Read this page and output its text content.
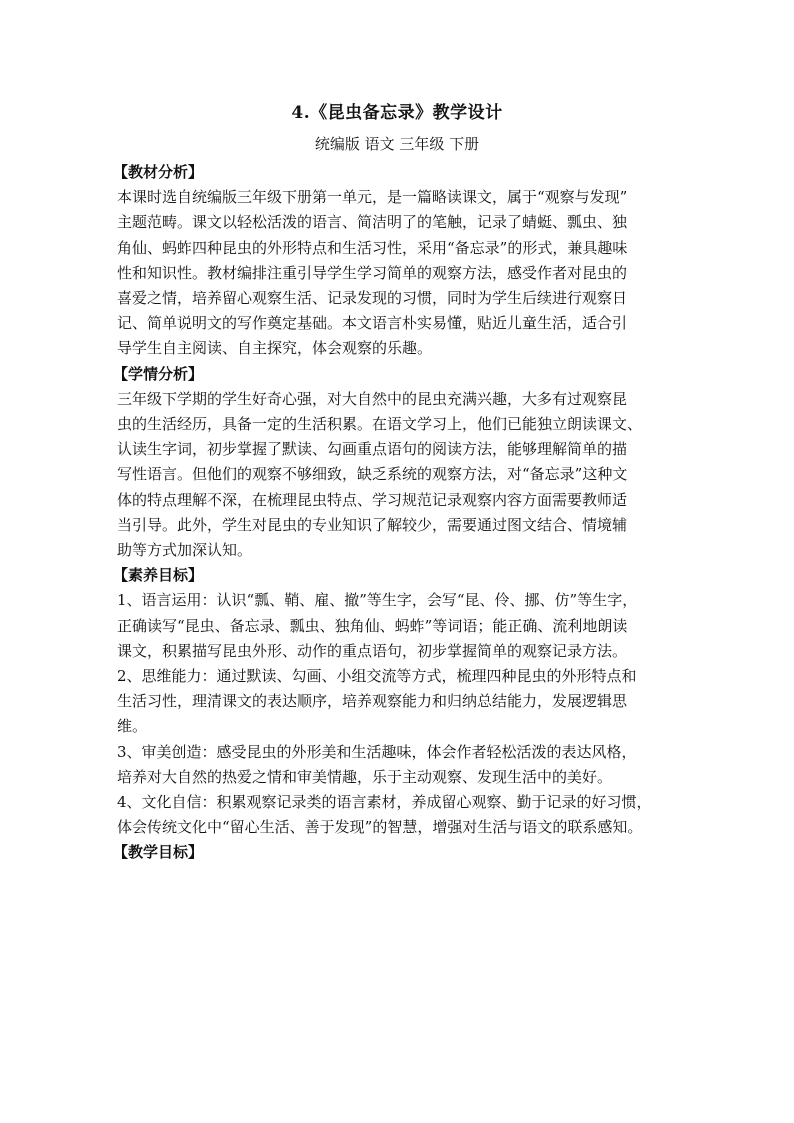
4.《昆虫备忘录》教学设计
统编版 语文 三年级 下册
【教材分析】
本课时选自统编版三年级下册第一单元，是一篇略读课文，属于“观察与发现”
主题范畴。课文以轻松活泼的语言、简洁明了的笔触，记录了蜻蜓、瓢虫、独
角仙、蚂蚱四种昆虫的外形特点和生活习性，采用“备忘录”的形式，兼具趣味
性和知识性。教材编排注重引导学生学习简单的观察方法，感受作者对昆虫的
喜爱之情，培养留心观察生活、记录发现的习惯，同时为学生后续进行观察日
记、简单说明文的写作奠定基础。本文语言朴实易懂，贴近儿童生活，适合引
导学生自主阅读、自主探究，体会观察的乐趣。
【学情分析】
三年级下学期的学生好奇心强，对大自然中的昆虫充满兴趣，大多有过观察昆
虫的生活经历，具备一定的生活积累。在语文学习上，他们已能独立朗读课文、
认读生字词，初步掌握了默读、勾画重点语句的阅读方法，能够理解简单的描
写性语言。但他们的观察不够细致，缺乏系统的观察方法，对“备忘录”这种文
体的特点理解不深，在梳理昆虫特点、学习规范记录观察内容方面需要教师适
当引导。此外，学生对昆虫的专业知识了解较少，需要通过图文结合、情境辅
助等方式加深认知。
【素养目标】
1、语言运用：认识“瓢、鞘、雇、撤”等生字，会写“昆、伶、挪、仿”等生字，
正确读写“昆虫、备忘录、瓢虫、独角仙、蚂蚱”等词语；能正确、流利地朗读
课文，积累描写昆虫外形、动作的重点语句，初步掌握简单的观察记录方法。
2、思维能力：通过默读、勾画、小组交流等方式，梳理四种昆虫的外形特点和
生活习性，理清课文的表达顺序，培养观察能力和归纳总结能力，发展逻辑思
维。
3、审美创造：感受昆虫的外形美和生活趣味，体会作者轻松活泼的表达风格，
培养对大自然的热爱之情和审美情趣，乐于主动观察、发现生活中的美好。
4、文化自信：积累观察记录类的语言素材，养成留心观察、勤于记录的好习惯，
体会传统文化中“留心生活、善于发现”的智慧，增强对生活与语文的联系感知。
【教学目标】
